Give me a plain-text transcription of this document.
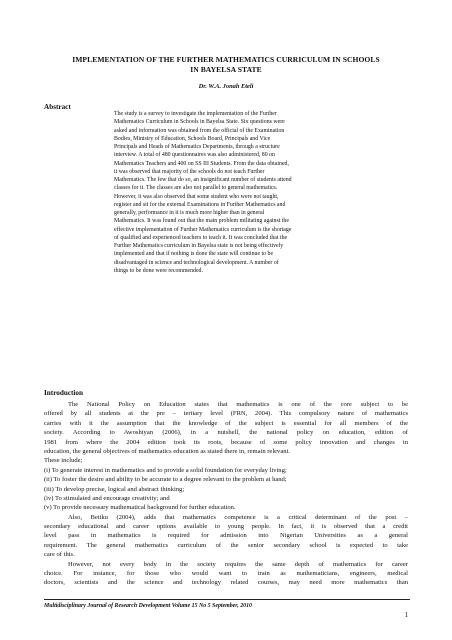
IMPLEMENTATION OF THE FURTHER MATHEMATICS CURRICULUM IN SCHOOLS
IN BAYELSA STATE
Dr. W.A. Jonah Eteli
Abstract
The study is a survey to investigate the implementation of the Further
Mathematics Curriculum in Schools in Bayelsa State. Six questions were
asked and information was obtained from the official of the Examination
Bodies, Ministry of Education, Schools Board, Principals and Vice
Principals and Heads of Mathematics Departments, through a structure
interview. A total of 480 questionnaires was also administered, 80 on
Mathematics Teachers and 400 on SS III Students. From the data obtained,
it was observed that majority of the schools do not teach Further
Mathematics. The few that do so, an insignificant number of students attend
classes for it. The classes are also not parallel to general mathematics.
However, it was also observed that some student who were not taught,
register and sit for the external Examinations in Further Mathematics and
generally, performance in it is much more higher than in general
Mathematics. It was found out that the main problem militating against the
effective implementation of Further Mathematics curriculum is the shortage
of qualified and experienced teachers to teach it. It was concluded that the
Further Mathematics curriculum in Bayelsa state is not being effectively
implemented and that if nothing is done the state will continue to be
disadvantaged in science and technological development. A number of
things to be done were recommended.
Introduction
The National Policy on Education states that mathematics is one of the core subject to be
offered by all students at the pre – tertiary level (FRN, 2004). This compulsory nature of mathematics
carries with it the assumption that the knowledge of the subject is essential for all members of the
society. According to Awoshiyan (2006), in a nutshell, the national policy on education, edition of
1981 from where the 2004 edition took its roots, because of some policy innovation and changes in
education, the general objectives of mathematics education as stated there in, remain relevant.
These include;
(i) To generate interest in mathematics and to provide a solid foundation for everyday living;
(ii) To foster the desire and ability to be accurate to a degree relevant to the problem at hand;
(iii) To develop precise, logical and abstract thinking;
(iv) To stimulated and encourage creativity; and
(v) To provide necessary mathematical background for further education.
Also, Betiku (2004), adds that mathematics competence is a critical determinant of the post –
secondary educational and career options available to young people. In fact, it is observed that a credit
level pass in mathematics is required for admission into Nigerian Universities as a general
requirement. The general mathematics curriculum of the senior secondary school is expected to take
care of this.
However, not every body in the society requires the same depth of mathematics for career
choice. For instance, for those who would want to train as mathematicians, engineers, medical
doctors, scientists and the science and technology related courses, may need more mathematics than
Multidisciplinary Journal of Research Development Volume 15 No 5 September, 2010
1
